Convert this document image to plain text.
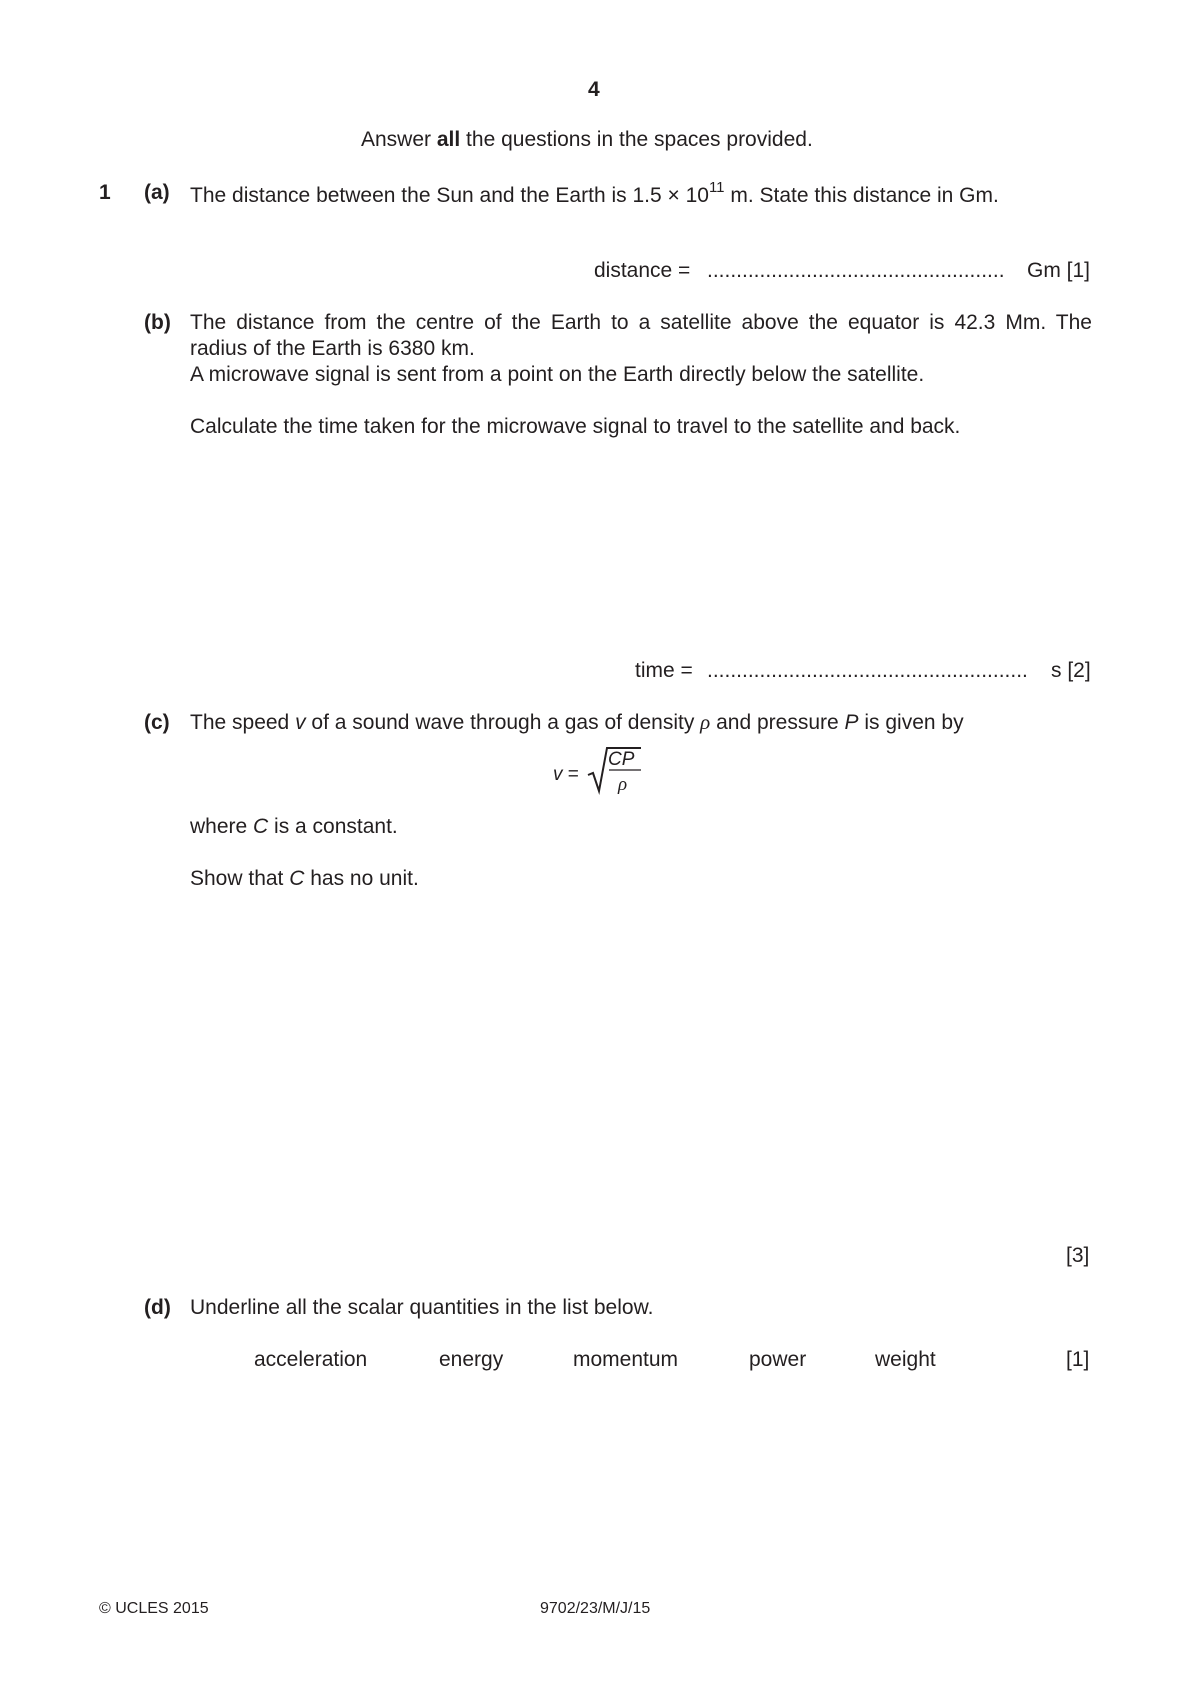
4
Answer all the questions in the spaces provided.
1 (a) The distance between the Sun and the Earth is $1.5 \times 10^{11}$ m. State this distance in Gm.
distance = ................................................... Gm [1]
(b) The distance from the centre of the Earth to a satellite above the equator is 42.3 Mm. The
radius of the Earth is 6380 km.
A microwave signal is sent from a point on the Earth directly below the satellite.
Calculate the time taken for the microwave signal to travel to the satellite and back.
time = ....................................................... s [2]
(c) The speed v of a sound wave through a gas of density ρ and pressure P is given by
v =
CP
ρ
where C is a constant.
Show that C has no unit.
[3]
(d) Underline all the scalar quantities in the list below.
acceleration	energy	momentum	power	weight	[1]
© UCLES 2015	9702/23/M/J/15
